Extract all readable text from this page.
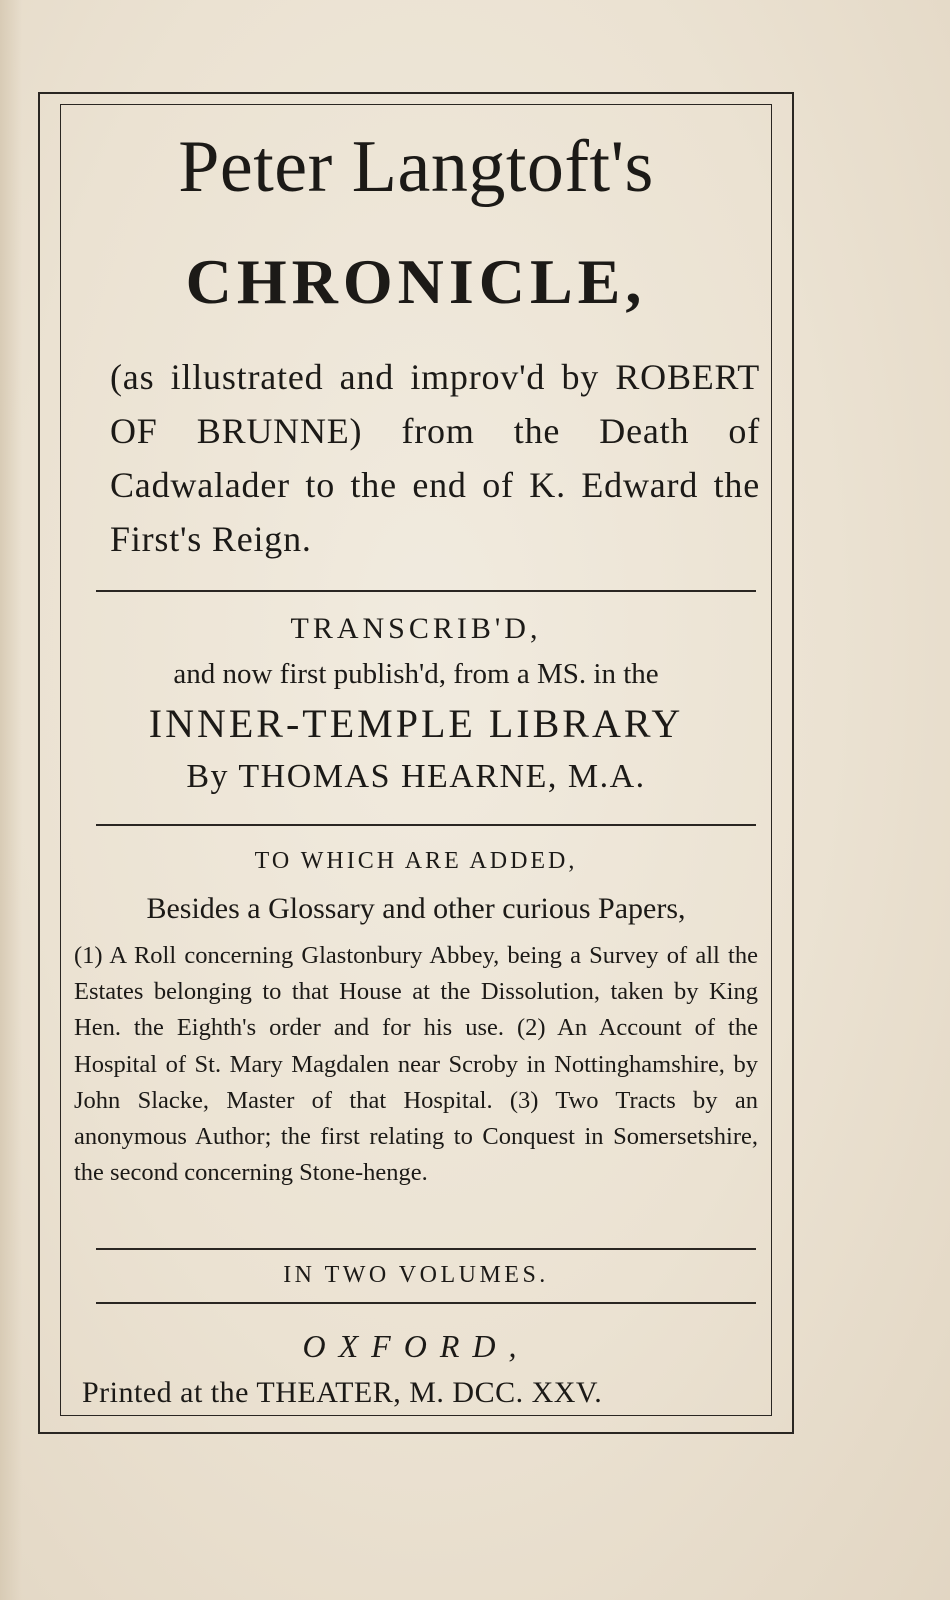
Peter Langtoft's
CHRONICLE,
(as illustrated and improv'd by ROBERT OF BRUNNE) from the Death of Cadwalader to the end of K. Edward the First's Reign.
TRANSCRIB'D,
and now first publish'd, from a MS. in the
INNER-TEMPLE LIBRARY
By THOMAS HEARNE, M.A.
TO WHICH ARE ADDED,
Besides a Glossary and other curious Papers,
(1) A Roll concerning Glastonbury Abbey, being a Survey of all the Estates belonging to that House at the Dissolution, taken by King Hen. the Eighth's order and for his use. (2) An Account of the Hospital of St. Mary Magdalen near Scroby in Nottinghamshire, by John Slacke, Master of that Hospital. (3) Two Tracts by an anonymous Author; the first relating to Conquest in Somersetshire, the second concerning Stone-henge.
IN TWO VOLUMES.
OXFORD,
Printed at the THEATER, M. DCC. XXV.
